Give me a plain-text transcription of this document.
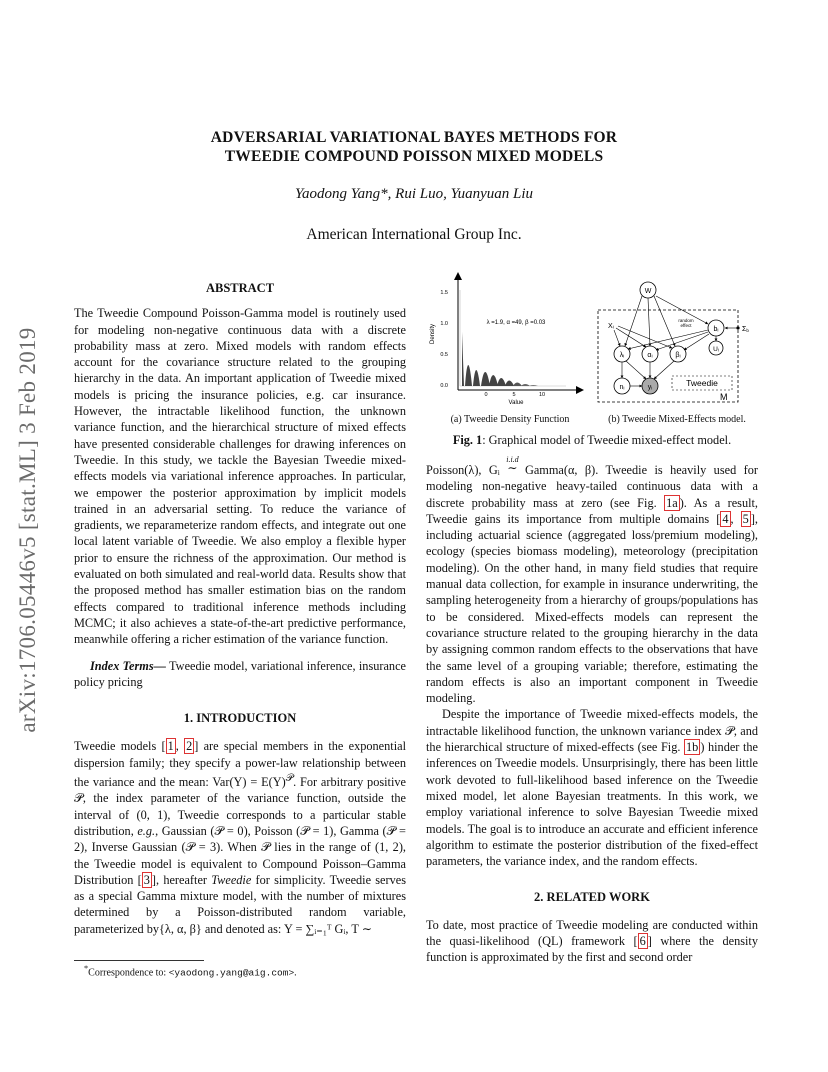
ADVERSARIAL VARIATIONAL BAYES METHODS FOR
TWEEDIE COMPOUND POISSON MIXED MODELS
Yaodong Yang*, Rui Luo, Yuanyuan Liu
American International Group Inc.
arXiv:1706.05446v5 [stat.ML] 3 Feb 2019
ABSTRACT

The Tweedie Compound Poisson-Gamma model is routinely used for modeling non-negative continuous data with a discrete probability mass at zero. Mixed models with random effects account for the covariance structure related to the grouping hierarchy in the data. An important application of Tweedie mixed models is pricing the insurance policies, e.g. car insurance. However, the intractable likelihood function, the unknown variance function, and the hierarchical structure of mixed effects have presented considerable challenges for drawing inferences on Tweedie. In this study, we tackle the Bayesian Tweedie mixed-effects models via variational inference approaches. In particular, we empower the posterior approximation by implicit models trained in an adversarial setting. To reduce the variance of gradients, we reparameterize random effects, and integrate out one local latent variable of Tweedie. We also employ a flexible hyper prior to ensure the richness of the approximation. Our method is evaluated on both simulated and real-world data. Results show that the proposed method has smaller estimation bias on the random effects compared to traditional inference methods including MCMC; it also achieves a state-of-the-art predictive performance, meanwhile offering a richer estimation of the variance function.

Index Terms— Tweedie model, variational inference, insurance policy pricing

1. INTRODUCTION

Tweedie models [ 1 , 2 ] are special members in the exponential dispersion family; they specify a power-law relationship between the variance and the mean: $Var(Y) = E(Y)^𝒫$. For arbitrary positive 𝒫, the index parameter of the variance function, outside the interval of (0, 1), Tweedie corresponds to a particular stable distribution, e.g., Gaussian (𝒫 = 0), Poisson (𝒫 = 1), Gamma (𝒫 = 2), Inverse Gaussian (𝒫 = 3). When 𝒫 lies in the range of (1, 2), the Tweedie model is equivalent to Compound Poisson–Gamma Distribution [ 3 ], hereafter Tweedie for simplicity. Tweedie serves as a special Gamma mixture model, with the number of mixtures determined by a Poisson-distributed random variable, parameterized by{λ, α, β} and denoted as: Y = ∑ᵢ₌₁ᵀ Gᵢ, T ∼

*Correspondence to: <yaodong.yang@aig.com>.
1.5
1.0
0.5
0.0
Density
0	5	10
Value
λ =1.9, α =49, β =0.03
M
Tweedie
W
Xᵢ
random
effect
bᵢ
Uᵢ
Σb
λᵢ	αᵢ	βᵢ
nᵢ	yᵢ
(a) Tweedie Density Function	(b) Tweedie Mixed-Effects model.
Fig. 1: Graphical model of Tweedie mixed-effect model.

Poisson(λ), Gᵢ
i.i.d
∼ Gamma(α, β). Tweedie is heavily used for modeling non-negative heavy-tailed continuous data with a discrete probability mass at zero (see Fig. 1a ). As a result, Tweedie gains its importance from multiple domains [ 4 , 5 ], including actuarial science (aggregated loss/premium modeling), ecology (species biomass modeling), meteorology (precipitation modeling). On the other hand, in many field studies that require manual data collection, for example in insurance underwriting, the sampling heterogeneity from a hierarchy of groups/populations has to be considered. Mixed-effects models can represent the covariance structure related to the grouping hierarchy in the data by assigning common random effects to the observations that have the same level of a grouping variable; therefore, estimating the random effects is also an important component in Tweedie modeling.

Despite the importance of Tweedie mixed-effects models, the intractable likelihood function, the unknown variance index 𝒫, and the hierarchical structure of mixed-effects (see Fig. 1b ) hinder the inferences on Tweedie models. Unsurprisingly, there has been little work devoted to full-likelihood based inference on the Tweedie mixed model, let alone Bayesian treatments. In this work, we employ variational inference to solve Bayesian Tweedie mixed models. The goal is to introduce an accurate and efficient inference algorithm to estimate the posterior distribution of the fixed-effect parameters, the variance index, and the random effects.

2. RELATED WORK

To date, most practice of Tweedie modeling are conducted within the quasi-likelihood (QL) framework [ 6 ] where the density function is approximated by the first and second order
